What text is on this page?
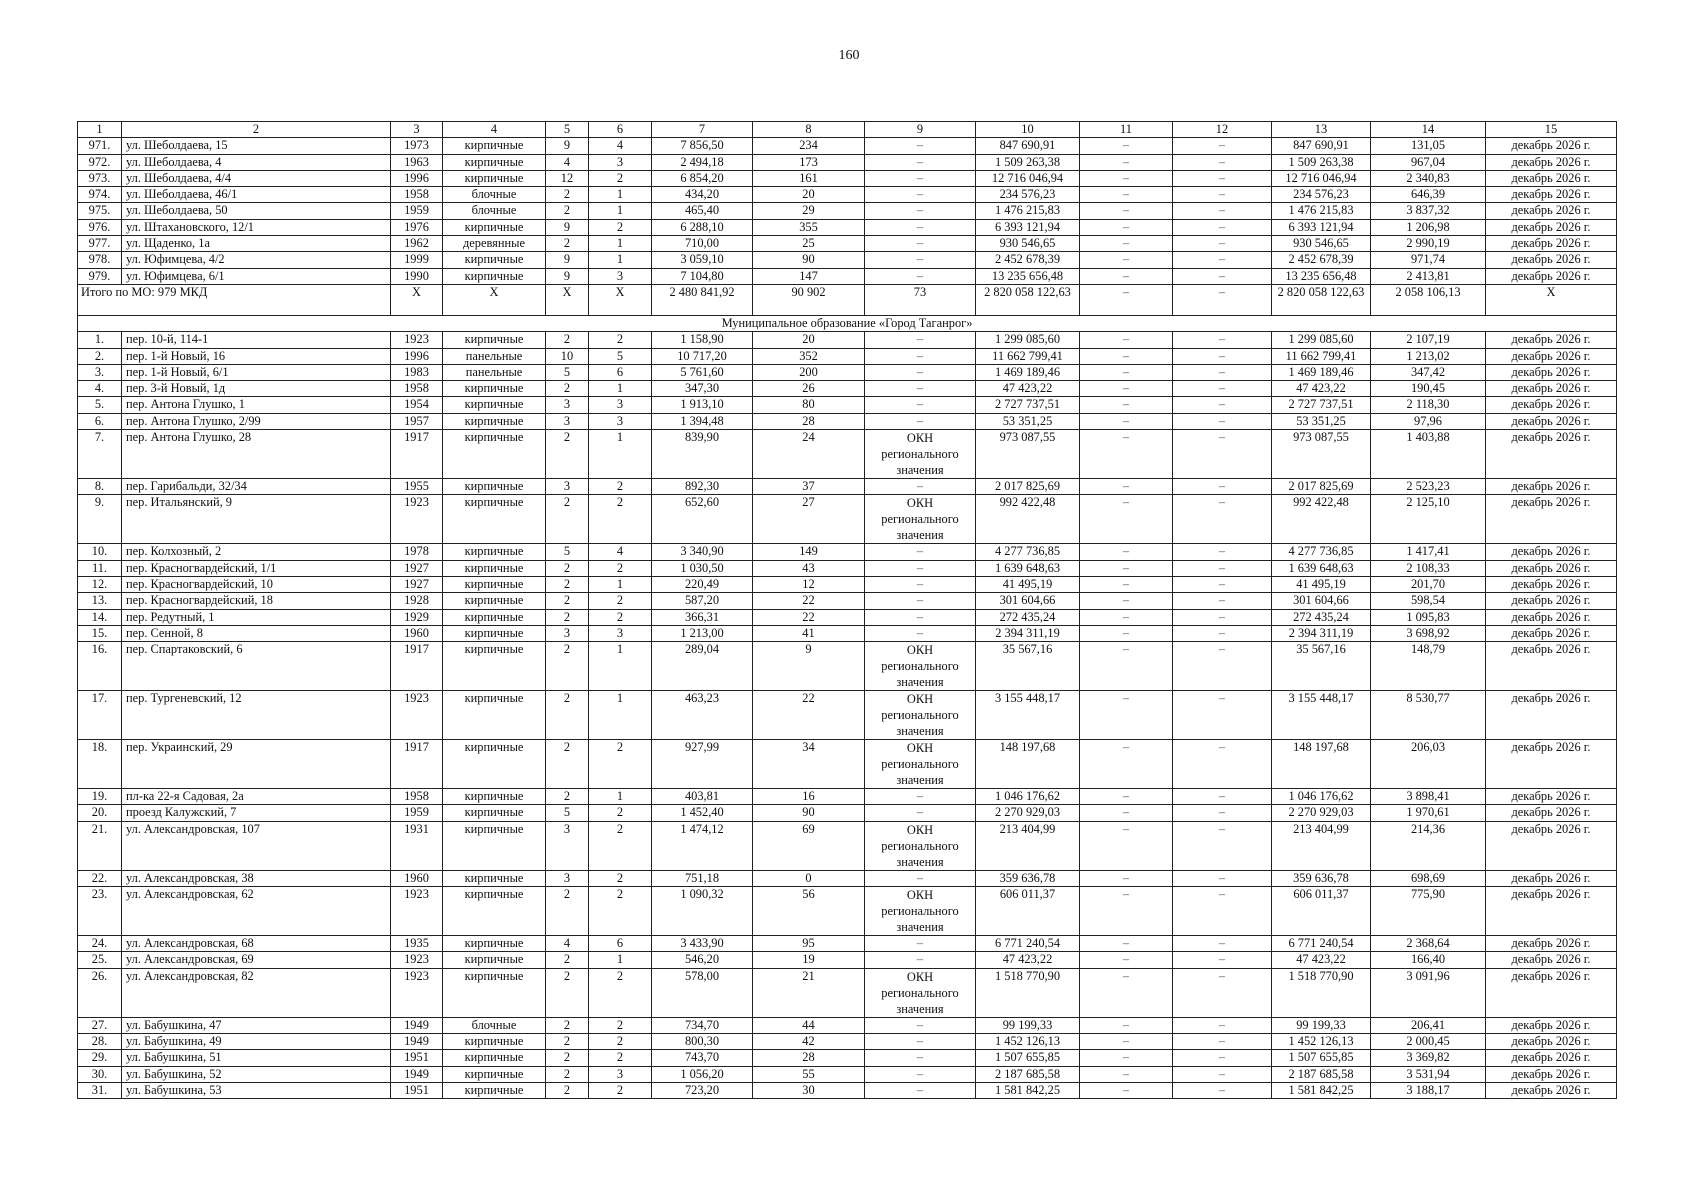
160
1	2	3	4	5	6	7	8	9	10	11	12	13	14	15
971.	ул. Шеболдаева, 15	1973	кирпичные	9	4	7 856,50	234	–	847 690,91	–	–	847 690,91	131,05	декабрь 2026 г.
972.	ул. Шеболдаева, 4	1963	кирпичные	4	3	2 494,18	173	–	1 509 263,38	–	–	1 509 263,38	967,04	декабрь 2026 г.
973.	ул. Шеболдаева, 4/4	1996	кирпичные	12	2	6 854,20	161	–	12 716 046,94	–	–	12 716 046,94	2 340,83	декабрь 2026 г.
974.	ул. Шеболдаева, 46/1	1958	блочные	2	1	434,20	20	–	234 576,23	–	–	234 576,23	646,39	декабрь 2026 г.
975.	ул. Шеболдаева, 50	1959	блочные	2	1	465,40	29	–	1 476 215,83	–	–	1 476 215,83	3 837,32	декабрь 2026 г.
976.	ул. Штахановского, 12/1	1976	кирпичные	9	2	6 288,10	355	–	6 393 121,94	–	–	6 393 121,94	1 206,98	декабрь 2026 г.
977.	ул. Щаденко, 1а	1962	деревянные	2	1	710,00	25	–	930 546,65	–	–	930 546,65	2 990,19	декабрь 2026 г.
978.	ул. Юфимцева, 4/2	1999	кирпичные	9	1	3 059,10	90	–	2 452 678,39	–	–	2 452 678,39	971,74	декабрь 2026 г.
979.	ул. Юфимцева, 6/1	1990	кирпичные	9	3	7 104,80	147	–	13 235 656,48	–	–	13 235 656,48	2 413,81	декабрь 2026 г.
Итого по МО: 979 МКД		X	X	X	X	2 480 841,92	90 902	73	2 820 058 122,63	–	–	2 820 058 122,63	2 058 106,13	X
Муниципальное образование «Город Таганрог»														
1.	пер. 10-й, 114-1	1923	кирпичные	2	2	1 158,90	20	–	1 299 085,60	–	–	1 299 085,60	2 107,19	декабрь 2026 г.
2.	пер. 1-й Новый, 16	1996	панельные	10	5	10 717,20	352	–	11 662 799,41	–	–	11 662 799,41	1 213,02	декабрь 2026 г.
3.	пер. 1-й Новый, 6/1	1983	панельные	5	6	5 761,60	200	–	1 469 189,46	–	–	1 469 189,46	347,42	декабрь 2026 г.
4.	пер. 3-й Новый, 1д	1958	кирпичные	2	1	347,30	26	–	47 423,22	–	–	47 423,22	190,45	декабрь 2026 г.
5.	пер. Антона Глушко, 1	1954	кирпичные	3	3	1 913,10	80	–	2 727 737,51	–	–	2 727 737,51	2 118,30	декабрь 2026 г.
6.	пер. Антона Глушко, 2/99	1957	кирпичные	3	3	1 394,48	28	–	53 351,25	–	–	53 351,25	97,96	декабрь 2026 г.
7.	пер. Антона Глушко, 28	1917	кирпичные	2	1	839,90	24	ОКН регионального значения	973 087,55	–	–	973 087,55	1 403,88	декабрь 2026 г.
8.	пер. Гарибальди, 32/34	1955	кирпичные	3	2	892,30	37	–	2 017 825,69	–	–	2 017 825,69	2 523,23	декабрь 2026 г.
9.	пер. Итальянский, 9	1923	кирпичные	2	2	652,60	27	ОКН регионального значения	992 422,48	–	–	992 422,48	2 125,10	декабрь 2026 г.
10.	пер. Колхозный, 2	1978	кирпичные	5	4	3 340,90	149	–	4 277 736,85	–	–	4 277 736,85	1 417,41	декабрь 2026 г.
11.	пер. Красногвардейский, 1/1	1927	кирпичные	2	2	1 030,50	43	–	1 639 648,63	–	–	1 639 648,63	2 108,33	декабрь 2026 г.
12.	пер. Красногвардейский, 10	1927	кирпичные	2	1	220,49	12	–	41 495,19	–	–	41 495,19	201,70	декабрь 2026 г.
13.	пер. Красногвардейский, 18	1928	кирпичные	2	2	587,20	22	–	301 604,66	–	–	301 604,66	598,54	декабрь 2026 г.
14.	пер. Редутный, 1	1929	кирпичные	2	2	366,31	22	–	272 435,24	–	–	272 435,24	1 095,83	декабрь 2026 г.
15.	пер. Сенной, 8	1960	кирпичные	3	3	1 213,00	41	–	2 394 311,19	–	–	2 394 311,19	3 698,92	декабрь 2026 г.
16.	пер. Спартаковский, 6	1917	кирпичные	2	1	289,04	9	ОКН регионального значения	35 567,16	–	–	35 567,16	148,79	декабрь 2026 г.
17.	пер. Тургеневский, 12	1923	кирпичные	2	1	463,23	22	ОКН регионального значения	3 155 448,17	–	–	3 155 448,17	8 530,77	декабрь 2026 г.
18.	пер. Украинский, 29	1917	кирпичные	2	2	927,99	34	ОКН регионального значения	148 197,68	–	–	148 197,68	206,03	декабрь 2026 г.
19.	пл-ка 22-я Садовая, 2а	1958	кирпичные	2	1	403,81	16	–	1 046 176,62	–	–	1 046 176,62	3 898,41	декабрь 2026 г.
20.	проезд Калужский, 7	1959	кирпичные	5	2	1 452,40	90	–	2 270 929,03	–	–	2 270 929,03	1 970,61	декабрь 2026 г.
21.	ул. Александровская, 107	1931	кирпичные	3	2	1 474,12	69	ОКН регионального значения	213 404,99	–	–	213 404,99	214,36	декабрь 2026 г.
22.	ул. Александровская, 38	1960	кирпичные	3	2	751,18	0	–	359 636,78	–	–	359 636,78	698,69	декабрь 2026 г.
23.	ул. Александровская, 62	1923	кирпичные	2	2	1 090,32	56	ОКН регионального значения	606 011,37	–	–	606 011,37	775,90	декабрь 2026 г.
24.	ул. Александровская, 68	1935	кирпичные	4	6	3 433,90	95	–	6 771 240,54	–	–	6 771 240,54	2 368,64	декабрь 2026 г.
25.	ул. Александровская, 69	1923	кирпичные	2	1	546,20	19	–	47 423,22	–	–	47 423,22	166,40	декабрь 2026 г.
26.	ул. Александровская, 82	1923	кирпичные	2	2	578,00	21	ОКН регионального значения	1 518 770,90	–	–	1 518 770,90	3 091,96	декабрь 2026 г.
27.	ул. Бабушкина, 47	1949	блочные	2	2	734,70	44	–	99 199,33	–	–	99 199,33	206,41	декабрь 2026 г.
28.	ул. Бабушкина, 49	1949	кирпичные	2	2	800,30	42	–	1 452 126,13	–	–	1 452 126,13	2 000,45	декабрь 2026 г.
29.	ул. Бабушкина, 51	1951	кирпичные	2	2	743,70	28	–	1 507 655,85	–	–	1 507 655,85	3 369,82	декабрь 2026 г.
30.	ул. Бабушкина, 52	1949	кирпичные	2	3	1 056,20	55	–	2 187 685,58	–	–	2 187 685,58	3 531,94	декабрь 2026 г.
31.	ул. Бабушкина, 53	1951	кирпичные	2	2	723,20	30	–	1 581 842,25	–	–	1 581 842,25	3 188,17	декабрь 2026 г.
